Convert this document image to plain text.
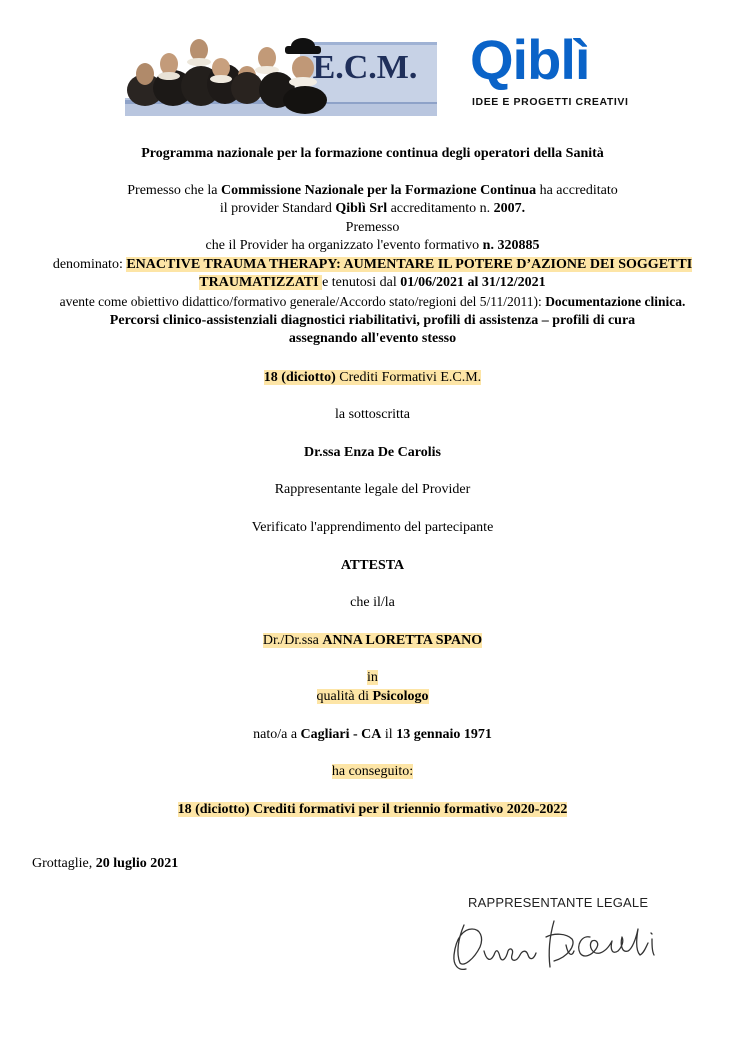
E.C.M. Qiblì
IDEE E PROGETTI CREATIVI
Programma nazionale per la formazione continua degli operatori della Sanità
Premesso che la Commissione Nazionale per la Formazione Continua ha accreditato
il provider Standard Qiblì Srl accreditamento n. 2007.
Premesso
che il Provider ha organizzato l'evento formativo n. 320885
denominato: ENACTIVE TRAUMA THERAPY: AUMENTARE IL POTERE D’AZIONE DEI SOGGETTI
TRAUMATIZZATI e tenutosi dal 01/06/2021 al 31/12/2021
avente come obiettivo didattico/formativo generale/Accordo stato/regioni del 5/11/2011): Documentazione clinica.
Percorsi clinico-assistenziali diagnostici riabilitativi, profili di assistenza – profili di cura
assegnando all'evento stesso
18 (diciotto) Crediti Formativi E.C.M.
la sottoscritta
Dr.ssa Enza De Carolis
Rappresentante legale del Provider
Verificato l'apprendimento del partecipante
ATTESTA
che il/la
Dr./Dr.ssa ANNA LORETTA SPANO
in
qualità di Psicologo
nato/a a Cagliari - CA il 13 gennaio 1971
ha conseguito:
18 (diciotto) Crediti formativi per il triennio formativo 2020-2022
Grottaglie, 20 luglio 2021
RAPPRESENTANTE LEGALE
